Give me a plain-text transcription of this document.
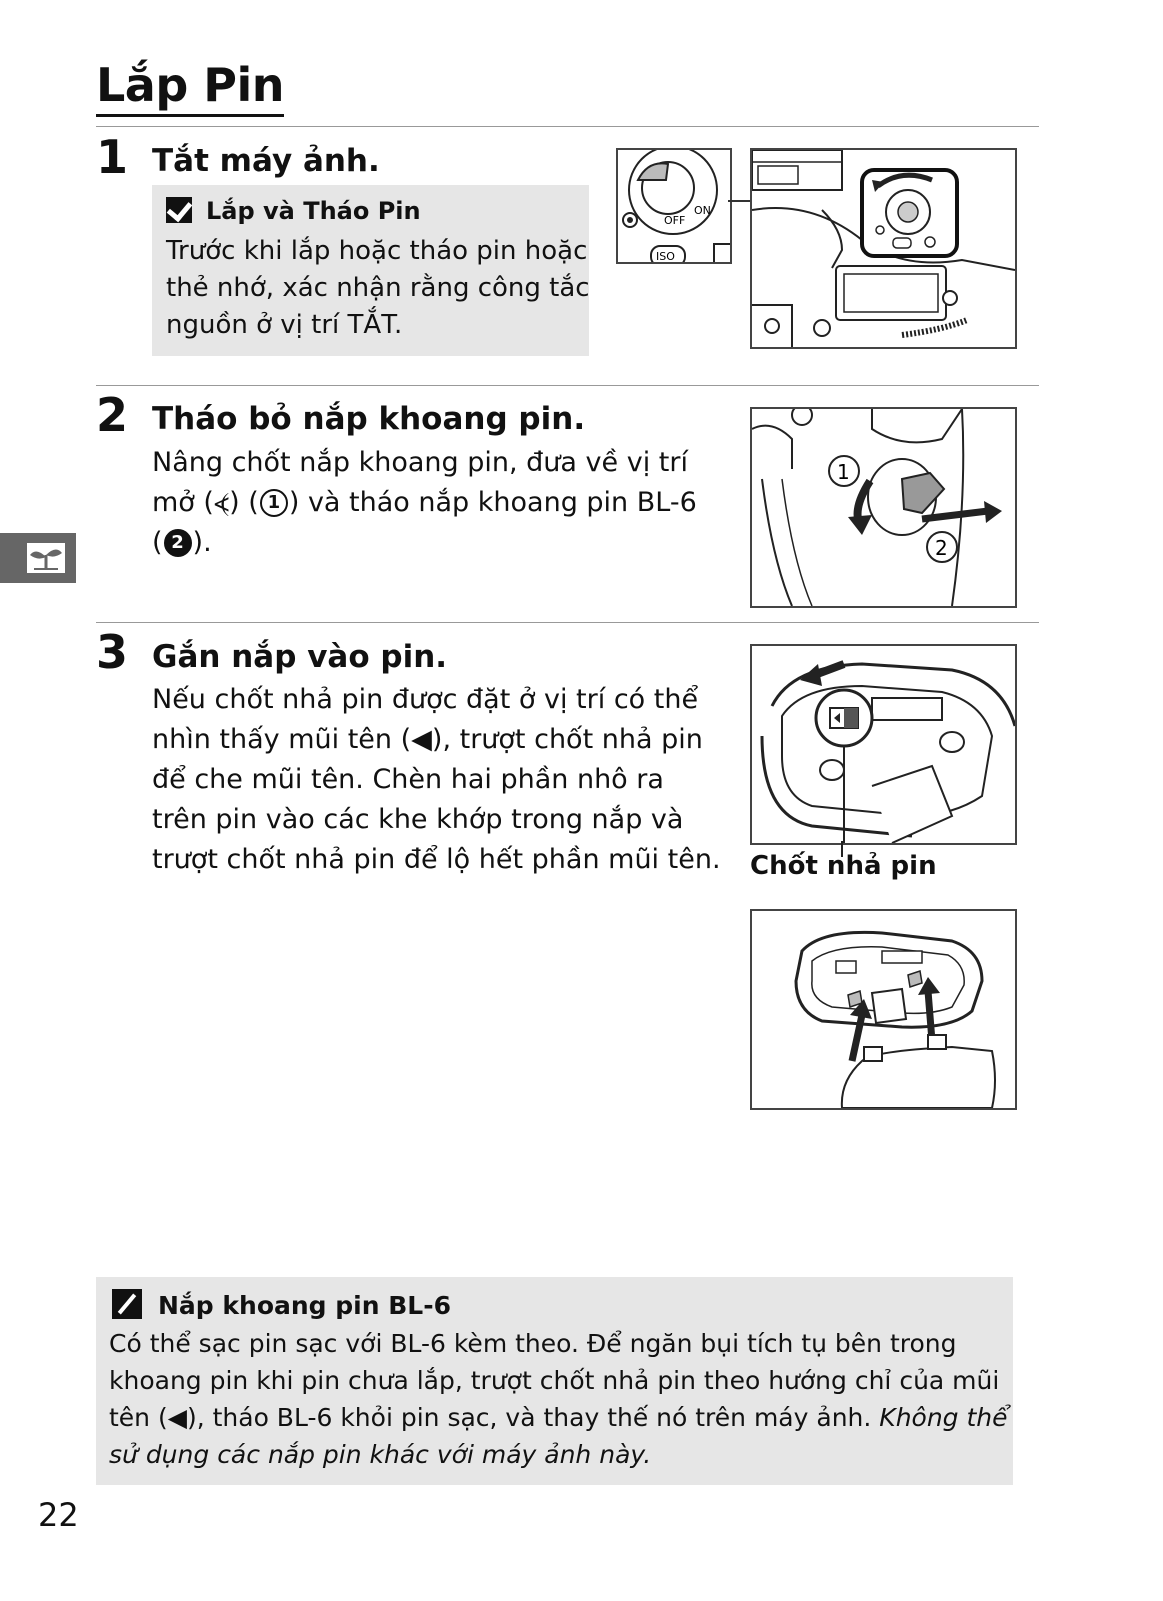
Lắp Pin
1 Tắt máy ảnh.
Lắp và Tháo Pin
Trước khi lắp hoặc tháo pin hoặc
thẻ nhớ, xác nhận rằng công tắc
nguồn ở vị trí TẮT.
OFF
ON
ISO
2 Tháo bỏ nắp khoang pin.
Nâng chốt nắp khoang pin, đưa về vị trí
mở (⦓) ( 1 ) và tháo nắp khoang pin BL-6
( 2 ).
1
2
3 Gắn nắp vào pin.
Nếu chốt nhả pin được đặt ở vị trí có thể
nhìn thấy mũi tên (◀), trượt chốt nhả pin
để che mũi tên. Chèn hai phần nhô ra
trên pin vào các khe khớp trong nắp và
trượt chốt nhả pin để lộ hết phần mũi tên. Chốt nhả pin
Nắp khoang pin BL-6
Có thể sạc pin sạc với BL-6 kèm theo. Để ngăn bụi tích tụ bên trong
khoang pin khi pin chưa lắp, trượt chốt nhả pin theo hướng chỉ của mũi
tên (◀), tháo BL-6 khỏi pin sạc, và thay thế nó trên máy ảnh. Không thể
sử dụng các nắp pin khác với máy ảnh này.
22
